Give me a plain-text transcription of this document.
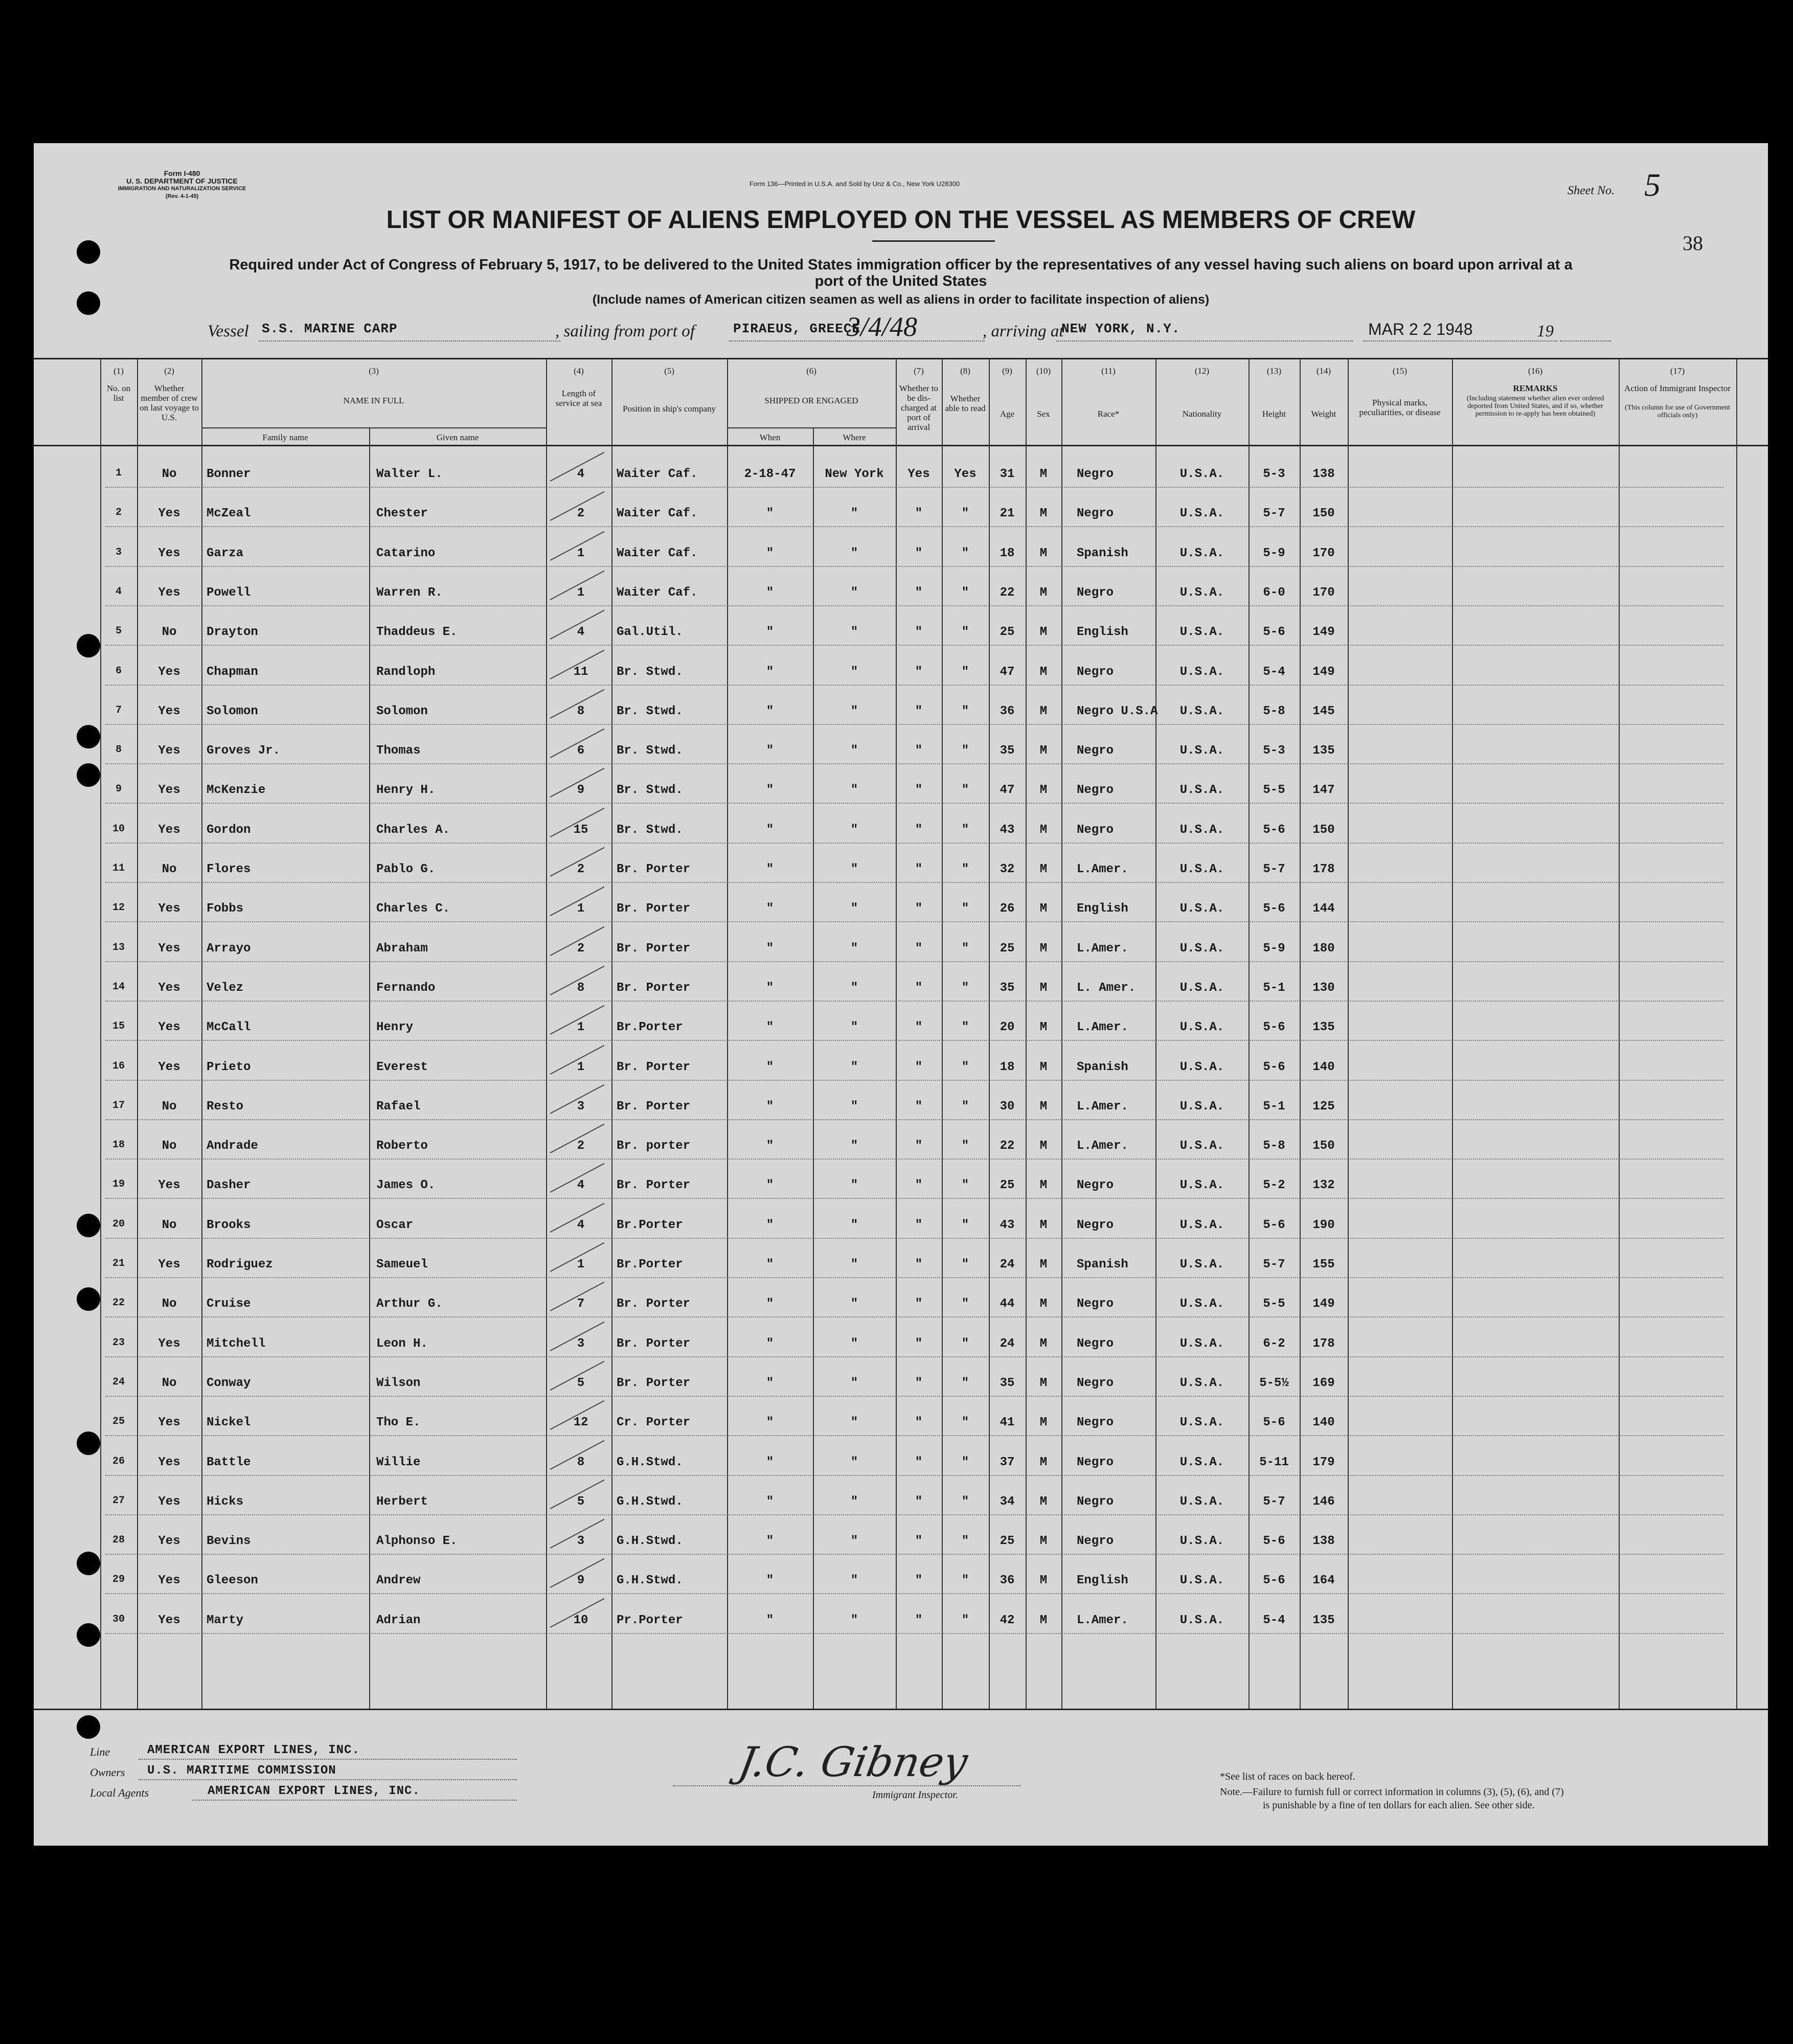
Form I-480
U. S. DEPARTMENT OF JUSTICE
IMMIGRATION AND NATURALIZATION SERVICE
(Rev. 4-1-45)
Form 136—Printed in U.S.A. and Sold by Unz & Co., New York U28300
Sheet No. 5
38
LIST OR MANIFEST OF ALIENS EMPLOYED ON THE VESSEL AS MEMBERS OF CREW
Required under Act of Congress of February 5, 1917, to be delivered to the United States immigration officer by the representatives of any vessel having such aliens on board upon arrival at a
port of the United States
(Include names of American citizen seamen as well as aliens in order to facilitate inspection of aliens)
Vessel S.S. MARINE CARP	, sailing from port of	PIRAEUS, GREECE
3/4/48	, arriving at
NEW YORK, N.Y.	MAR 2 2 1948	19
(1)
No. on list
(2)
Whether member of crew on last voyage to U.S.
(3)
NAME IN FULL
Family name	Given name
(4)
Length of service at sea
(5)
Position in ship's company
(6)
SHIPPED OR ENGAGED
When	Where
(7)
Whether to be dis-charged at port of arrival
(8)
Whether able to read
(9)
Age
(10)
Sex
(11)
Race*
(12)
Nationality
(13)
Height
(14)
Weight
(15)
Physical marks, peculiarities, or disease
(16)
REMARKS
(Including statement whether alien ever ordered deported from United States, and if so, whether permission to re-apply has been obtained)
(17)
Action of Immigrant Inspector
(This column for use of Government officials only)
1	No	Bonner	Walter L.	4	Waiter Caf.	2-18-47	New York	Yes	Yes	31	M	Negro	U.S.A.	5-3	138
2	Yes	McZeal	Chester	2	Waiter Caf.	"	"	"	"	21	M	Negro	U.S.A.	5-7	150
3	Yes	Garza	Catarino	1	Waiter Caf.	"	"	"	"	18	M	Spanish	U.S.A.	5-9	170
4	Yes	Powell	Warren R.	1	Waiter Caf.	"	"	"	"	22	M	Negro	U.S.A.	6-0	170
5	No	Drayton	Thaddeus E.	4	Gal.Util.	"	"	"	"	25	M	English	U.S.A.	5-6	149
6	Yes	Chapman	Randloph	11	Br. Stwd.	"	"	"	"	47	M	Negro	U.S.A.	5-4	149
7	Yes	Solomon	Solomon	8	Br. Stwd.	"	"	"	"	36	M	Negro U.S.A	U.S.A.	5-8	145
8	Yes	Groves Jr.	Thomas	6	Br. Stwd.	"	"	"	"	35	M	Negro	U.S.A.	5-3	135
9	Yes	McKenzie	Henry H.	9	Br. Stwd.	"	"	"	"	47	M	Negro	U.S.A.	5-5	147
10	Yes	Gordon	Charles A.	15	Br. Stwd.	"	"	"	"	43	M	Negro	U.S.A.	5-6	150
11	No	Flores	Pablo G.	2	Br. Porter	"	"	"	"	32	M	L.Amer.	U.S.A.	5-7	178
12	Yes	Fobbs	Charles C.	1	Br. Porter	"	"	"	"	26	M	English	U.S.A.	5-6	144
13	Yes	Arrayo	Abraham	2	Br. Porter	"	"	"	"	25	M	L.Amer.	U.S.A.	5-9	180
14	Yes	Velez	Fernando	8	Br. Porter	"	"	"	"	35	M	L. Amer.	U.S.A.	5-1	130
15	Yes	McCall	Henry	1	Br.Porter	"	"	"	"	20	M	L.Amer.	U.S.A.	5-6	135
16	Yes	Prieto	Everest	1	Br. Porter	"	"	"	"	18	M	Spanish	U.S.A.	5-6	140
17	No	Resto	Rafael	3	Br. Porter	"	"	"	"	30	M	L.Amer.	U.S.A.	5-1	125
18	No	Andrade	Roberto	2	Br. porter	"	"	"	"	22	M	L.Amer.	U.S.A.	5-8	150
19	Yes	Dasher	James O.	4	Br. Porter	"	"	"	"	25	M	Negro	U.S.A.	5-2	132
20	No	Brooks	Oscar	4	Br.Porter	"	"	"	"	43	M	Negro	U.S.A.	5-6	190
21	Yes	Rodriguez	Sameuel	1	Br.Porter	"	"	"	"	24	M	Spanish	U.S.A.	5-7	155
22	No	Cruise	Arthur G.	7	Br. Porter	"	"	"	"	44	M	Negro	U.S.A.	5-5	149
23	Yes	Mitchell	Leon H.	3	Br. Porter	"	"	"	"	24	M	Negro	U.S.A.	6-2	178
24	No	Conway	Wilson	5	Br. Porter	"	"	"	"	35	M	Negro	U.S.A.	5-5½	169
25	Yes	Nickel	Tho E.	12	Cr. Porter	"	"	"	"	41	M	Negro	U.S.A.	5-6	140
26	Yes	Battle	Willie	8	G.H.Stwd.	"	"	"	"	37	M	Negro	U.S.A.	5-11	179
27	Yes	Hicks	Herbert	5	G.H.Stwd.	"	"	"	"	34	M	Negro	U.S.A.	5-7	146
28	Yes	Bevins	Alphonso E.	3	G.H.Stwd.	"	"	"	"	25	M	Negro	U.S.A.	5-6	138
29	Yes	Gleeson	Andrew	9	G.H.Stwd.	"	"	"	"	36	M	English	U.S.A.	5-6	164
30	Yes	Marty	Adrian	10	Pr.Porter	"	"	"	"	42	M	L.Amer.	U.S.A.	5-4	135
Line	AMERICAN EXPORT LINES, INC.
Owners U.S. MARITIME COMMISSION
Local Agents	AMERICAN EXPORT LINES, INC.
J.C. Gibney
Immigrant Inspector.
*See list of races on back hereof.
Note.—Failure to furnish full or correct information in columns (3), (5), (6), and (7)
is punishable by a fine of ten dollars for each alien. See other side.
